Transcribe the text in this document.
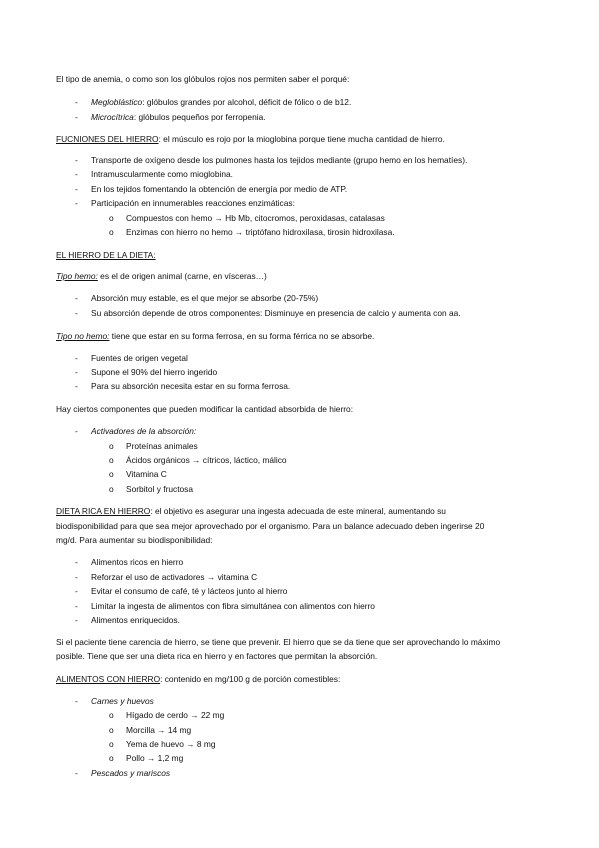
El tipo de anemia, o como son los glóbulos rojos nos permiten saber el porqué:
- Megloblástico: glóbulos grandes por alcohol, déficit de fólico o de b12.
- Microcítrica: glóbulos pequeños por ferropenia.
FUCNIONES DEL HIERRO: el músculo es rojo por la mioglobina porque tiene mucha cantidad de hierro.
- Transporte de oxígeno desde los pulmones hasta los tejidos mediante (grupo hemo en los hematíes).
- Intramuscularmente como mioglobina.
- En los tejidos fomentando la obtención de energía por medio de ATP.
- Participación en innumerables reacciones enzimáticas:
o Compuestos con hemo → Hb Mb, citocromos, peroxidasas, catalasas
o Enzimas con hierro no hemo → triptófano hidroxilasa, tirosin hidroxilasa.
EL HIERRO DE LA DIETA:
Tipo hemo: es el de origen animal (carne, en vísceras…)
- Absorción muy estable, es el que mejor se absorbe (20-75%)
- Su absorción depende de otros componentes: Disminuye en presencia de calcio y aumenta con aa.
Tipo no hemo: tiene que estar en su forma ferrosa, en su forma férrica no se absorbe.
- Fuentes de origen vegetal
- Supone el 90% del hierro ingerido
- Para su absorción necesita estar en su forma ferrosa.
Hay ciertos componentes que pueden modificar la cantidad absorbida de hierro:
- Activadores de la absorción:
o Proteínas animales
o Ácidos orgánicos → cítricos, láctico, málico
o Vitamina C
o Sorbitol y fructosa
DIETA RICA EN HIERRO: el objetivo es asegurar una ingesta adecuada de este mineral, aumentando su
biodisponibilidad para que sea mejor aprovechado por el organismo. Para un balance adecuado deben ingerirse 20
mg/d. Para aumentar su biodisponibilidad:
- Alimentos ricos en hierro
- Reforzar el uso de activadores → vitamina C
- Evitar el consumo de café, té y lácteos junto al hierro
- Limitar la ingesta de alimentos con fibra simultánea con alimentos con hierro
- Alimentos enriquecidos.
Si el paciente tiene carencia de hierro, se tiene que prevenir. El hierro que se da tiene que ser aprovechando lo máximo
posible. Tiene que ser una dieta rica en hierro y en factores que permitan la absorción.
ALIMENTOS CON HIERRO: contenido en mg/100 g de porción comestibles:
- Carnes y huevos
o Hígado de cerdo → 22 mg
o Morcilla → 14 mg
o Yema de huevo → 8 mg
o Pollo → 1,2 mg
- Pescados y mariscos
